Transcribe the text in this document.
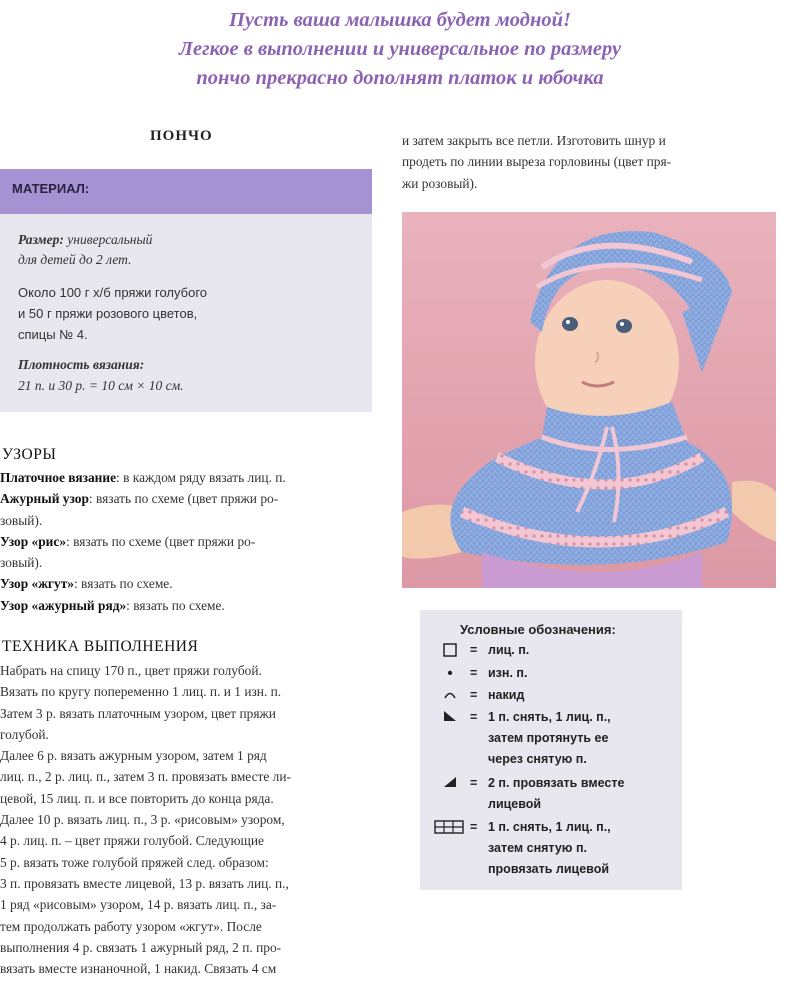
Пусть ваша малышка будет модной!
Легкое в выполнении и универсальное по размеру
пончо прекрасно дополнят платок и юбочка
ПОНЧО
МАТЕРИАЛ:
Размер: универсальный
для детей до 2 лет.
Около 100 г х/б пряжи голубого
и 50 г пряжи розового цветов,
спицы № 4.
Плотность вязания:
21 п. и 30 р. = 10 см × 10 см.
УЗОРЫ
Платочное вязание: в каждом ряду вязать лиц. п.
Ажурный узор: вязать по схеме (цвет пряжи ро-
зовый).
Узор «рис»: вязать по схеме (цвет пряжи ро-
зовый).
Узор «жгут»: вязать по схеме.
Узор «ажурный ряд»: вязать по схеме.
ТЕХНИКА ВЫПОЛНЕНИЯ
Набрать на спицу 170 п., цвет пряжи голубой.
Вязать по кругу попеременно 1 лиц. п. и 1 изн. п.
Затем 3 р. вязать платочным узором, цвет пряжи
голубой.
Далее 6 р. вязать ажурным узором, затем 1 ряд
лиц. п., 2 р. лиц. п., затем 3 п. провязать вместе ли-
цевой, 15 лиц. п. и все повторить до конца ряда.
Далее 10 р. вязать лиц. п., 3 р. «рисовым» узором,
4 р. лиц. п. – цвет пряжи голубой. Следующие
5 р. вязать тоже голубой пряжей след. образом:
3 п. провязать вместе лицевой, 13 р. вязать лиц. п.,
1 ряд «рисовым» узором, 14 р. вязать лиц. п., за-
тем продолжать работу узором «жгут». После
выполнения 4 р. связать 1 ажурный ряд, 2 п. про-
вязать вместе изнаночной, 1 накид. Связать 4 см
и затем закрыть все петли. Изготовить шнур и
продеть по линии выреза горловины (цвет пря-
жи розовый).
Условные обозначения:
= лиц. п.
•	= изн. п.
= накид
= 1 п. снять, 1 лиц. п.,
затем протянуть ее
через снятую п.
= 2 п. провязать вместе
лицевой
= 1 п. снять, 1 лиц. п.,
затем снятую п.
провязать лицевой
